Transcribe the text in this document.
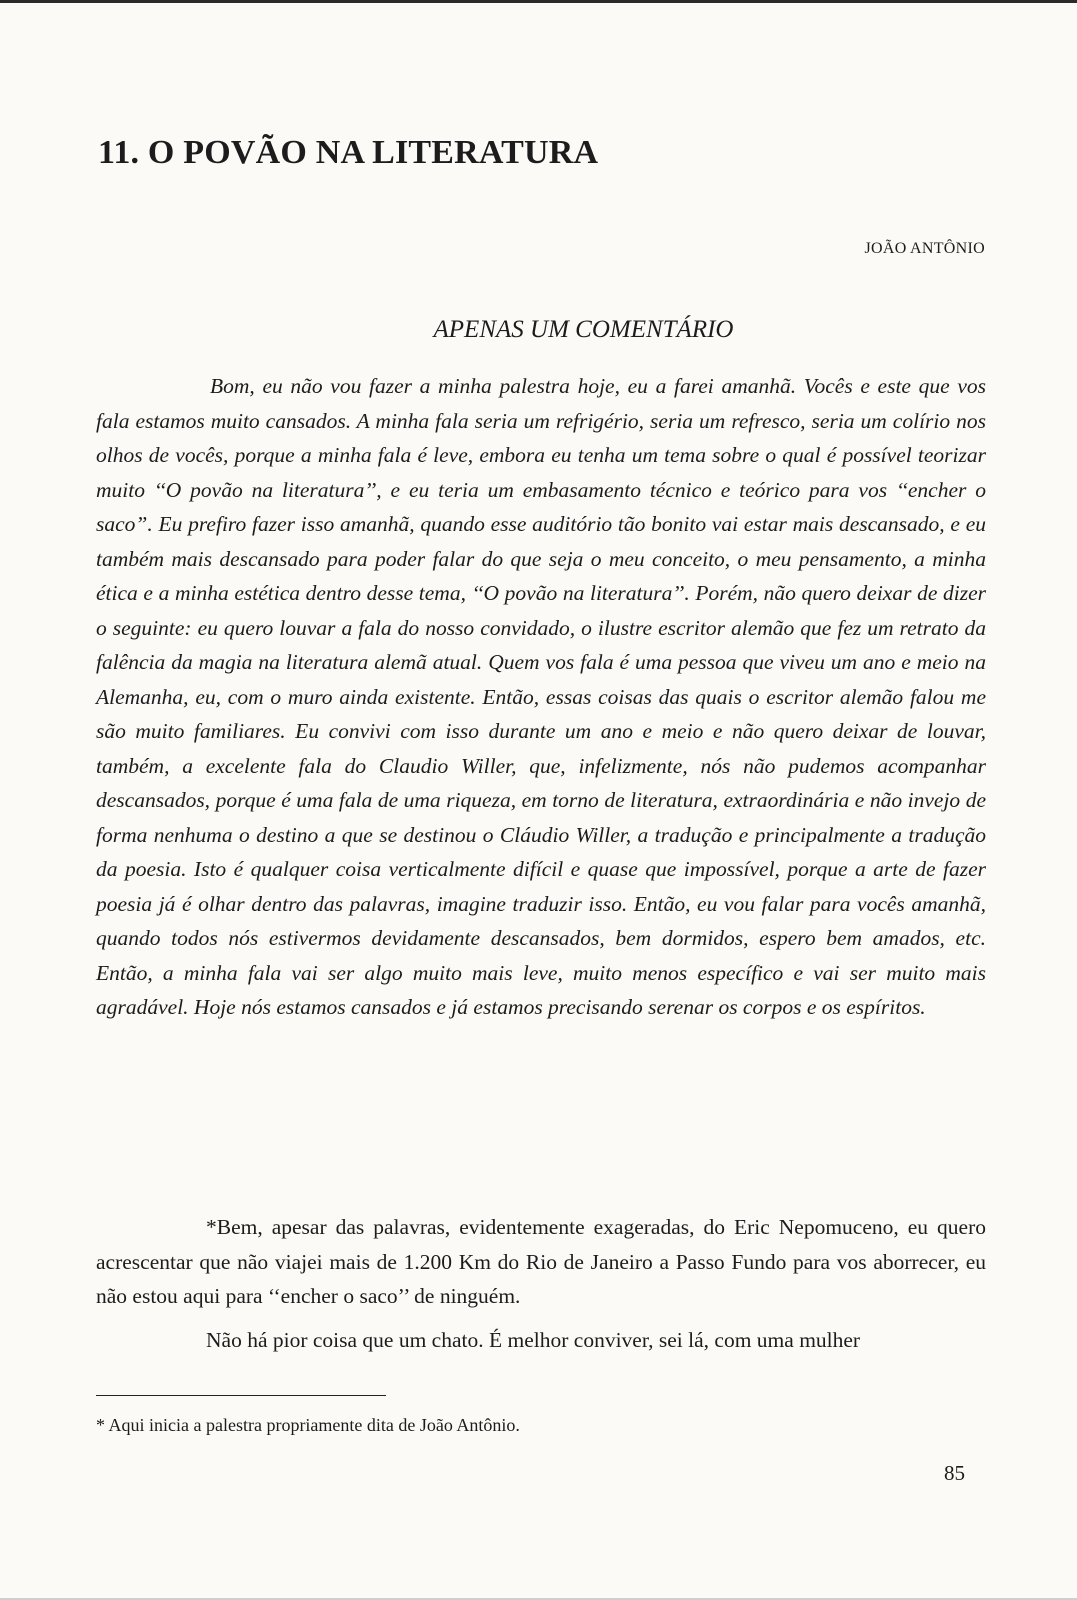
11. O POVÃO NA LITERATURA

JOÃO ANTÔNIO

APENAS UM COMENTÁRIO

Bom, eu não vou fazer a minha palestra hoje, eu a farei amanhã. Vocês e este que vos fala estamos muito cansados. A minha fala seria um refrigério, seria um refresco, seria um colírio nos olhos de vocês, porque a minha fala é leve, embora eu tenha um tema sobre o qual é possível teorizar muito ‘‘O povão na literatura’’, e eu teria um embasamento técnico e teórico para vos ‘‘encher o saco”. Eu prefiro fazer isso amanhã, quando esse auditório tão bonito vai estar mais descansado, e eu também mais descansado para poder falar do que seja o meu conceito, o meu pensamento, a minha ética e a minha estética dentro desse tema, ‘‘O povão na literatura’’. Porém, não quero deixar de dizer o seguinte: eu quero louvar a fala do nosso convidado, o ilustre escritor alemão que fez um retrato da falência da magia na literatura alemã atual. Quem vos fala é uma pessoa que viveu um ano e meio na Alemanha, eu, com o muro ainda existente. Então, essas coisas das quais o escritor alemão falou me são muito familiares. Eu convivi com isso durante um ano e meio e não quero deixar de louvar, também, a excelente fala do Claudio Willer, que, infelizmente, nós não pudemos acompanhar descansados, porque é uma fala de uma riqueza, em torno de literatura, extraordinária e não invejo de forma nenhuma o destino a que se destinou o Cláudio Willer, a tradução e principalmente a tradução da poesia. Isto é qualquer coisa verticalmente difícil e quase que impossível, porque a arte de fazer poesia já é olhar dentro das palavras, imagine traduzir isso. Então, eu vou falar para vocês amanhã, quando todos nós estivermos devidamente descansados, bem dormidos, espero bem amados, etc. Então, a minha fala vai ser algo muito mais leve, muito menos específico e vai ser muito mais agradável. Hoje nós estamos cansados e já estamos precisando serenar os corpos e os espíritos.

*Bem, apesar das palavras, evidentemente exageradas, do Eric Nepomuceno, eu quero acrescentar que não viajei mais de 1.200 Km do Rio de Janeiro a Passo Fundo para vos aborrecer, eu não estou aqui para ‘‘encher o saco’’ de ninguém.

Não há pior coisa que um chato. É melhor conviver, sei lá, com uma mulher

* Aqui inicia a palestra propriamente dita de João Antônio.

85
